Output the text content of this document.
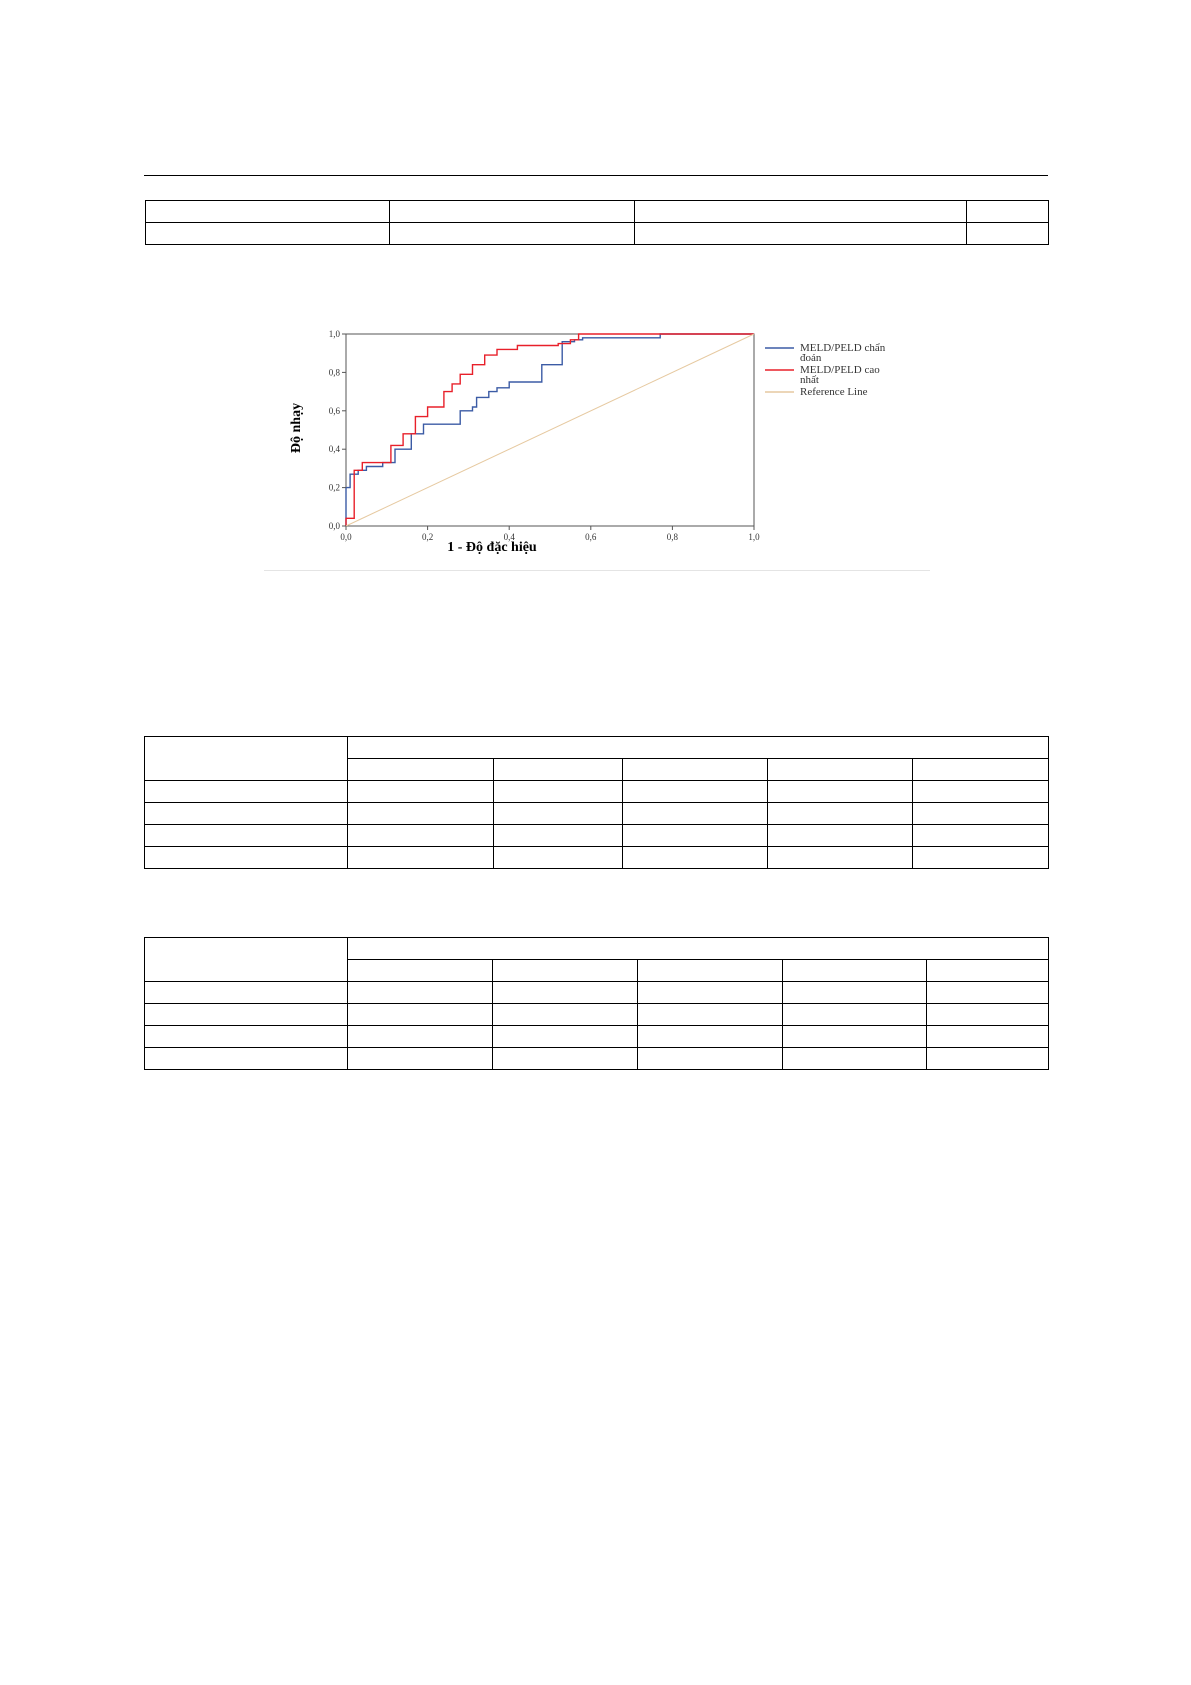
0,0	0,2	0,4	0,6	0,8	1,0
0,0
0,2
0,4
0,6
0,8
1,0
1 - Độ đặc hiệu
Độ nhạy
MELD/PELD chẩn đoán
MELD/PELD cao nhất
Reference Line
